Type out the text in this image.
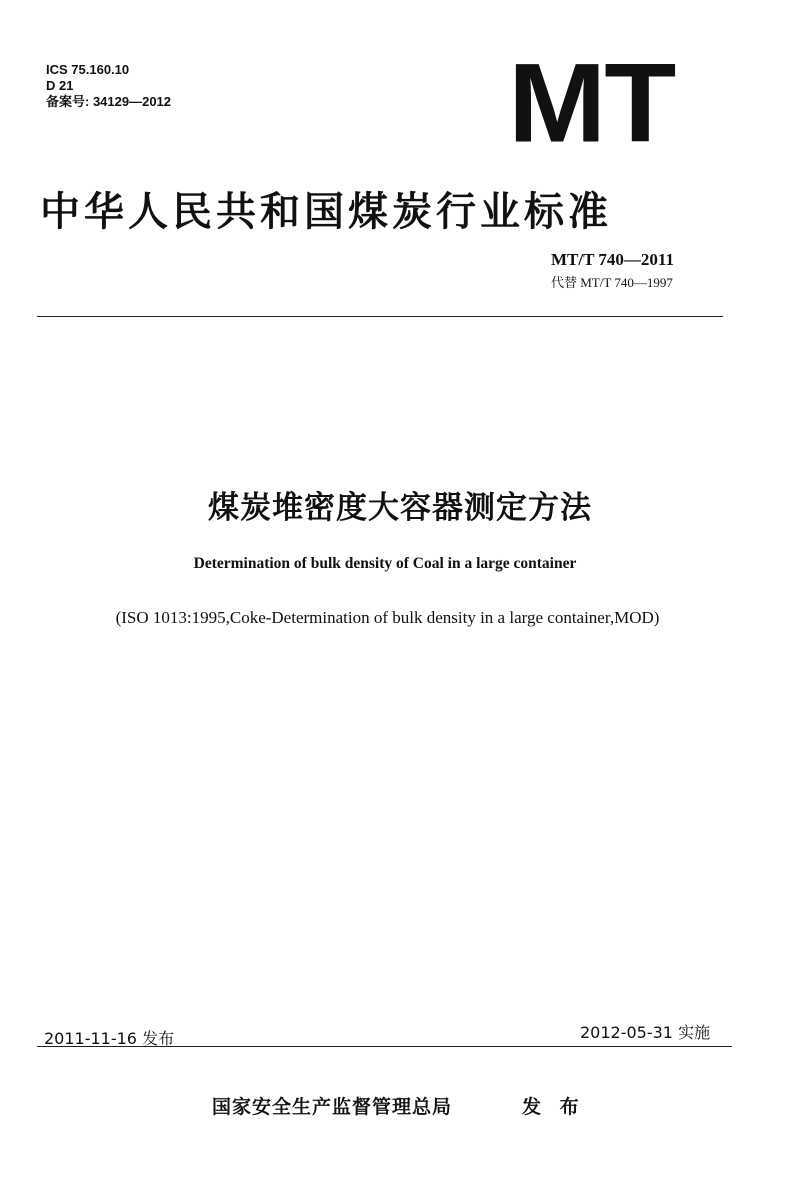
ICS 75.160.10
D 21
备案号: 34129—2012	MT
中华人民共和国煤炭行业标准
MT/T 740—2011
代替 MT/T 740—1997
煤炭堆密度大容器测定方法
Determination of bulk density of Coal in a large container
(ISO 1013:1995,Coke-Determination of bulk density in a large container,MOD)
2011-11-16 发布	2012-05-31 实施
国家安全生产监督管理总局	发 布
